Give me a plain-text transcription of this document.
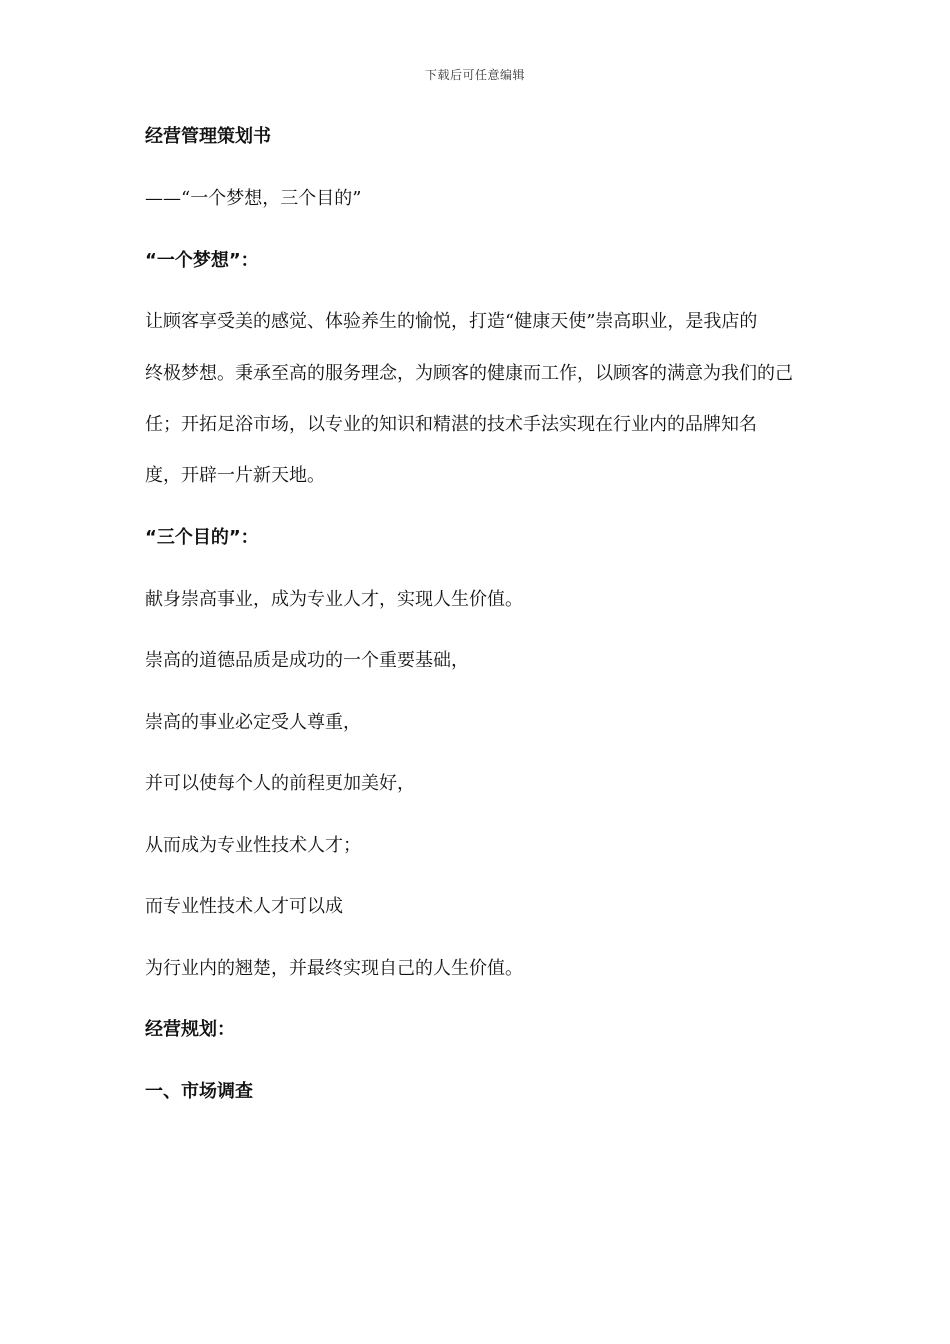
下载后可任意编辑
经营管理策划书
——“一个梦想，三个目的”
“一个梦想”：
让顾客享受美的感觉、体验养生的愉悦，打造“健康天使”崇高职业，是我店的
终极梦想。秉承至高的服务理念，为顾客的健康而工作，以顾客的满意为我们的己
任；开拓足浴市场，以专业的知识和精湛的技术手法实现在行业内的品牌知名
度，开辟一片新天地。
“三个目的”：
献身崇高事业，成为专业人才，实现人生价值。
崇高的道德品质是成功的一个重要基础，
崇高的事业必定受人尊重，
并可以使每个人的前程更加美好，
从而成为专业性技术人才；
而专业性技术人才可以成
为行业内的翘楚，并最终实现自己的人生价值。
经营规划：
一、市场调查
